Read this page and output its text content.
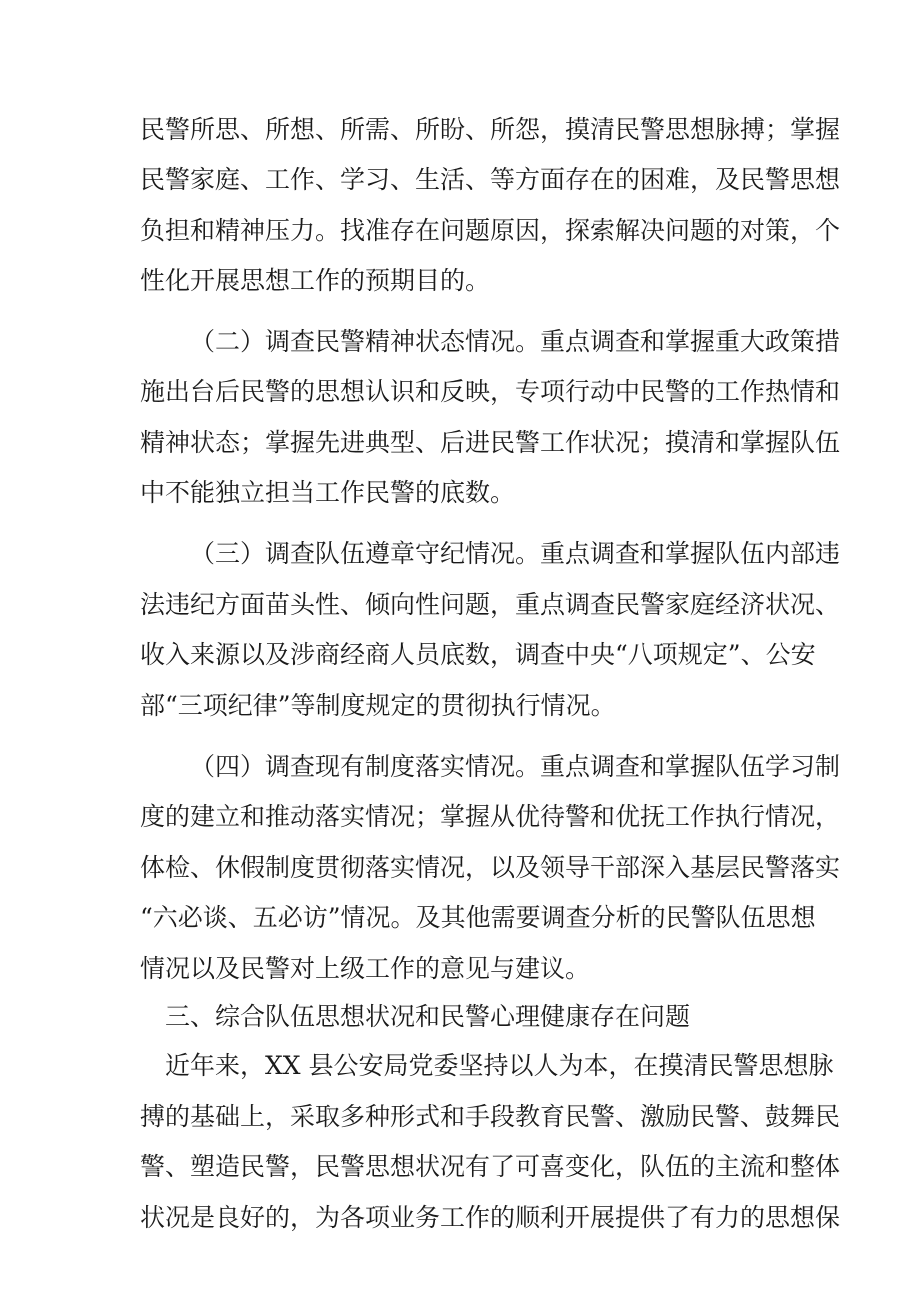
民警所思、所想、所需、所盼、所怨，摸清民警思想脉搏；掌握
民警家庭、工作、学习、生活、等方面存在的困难，及民警思想
负担和精神压力。找准存在问题原因，探索解决问题的对策，个
性化开展思想工作的预期目的。
（二）调查民警精神状态情况。重点调查和掌握重大政策措
施出台后民警的思想认识和反映，专项行动中民警的工作热情和
精神状态；掌握先进典型、后进民警工作状况；摸清和掌握队伍
中不能独立担当工作民警的底数。
（三）调查队伍遵章守纪情况。重点调查和掌握队伍内部违
法违纪方面苗头性、倾向性问题，重点调查民警家庭经济状况、
收入来源以及涉商经商人员底数，调查中央“八项规定”、公安
部“三项纪律”等制度规定的贯彻执行情况。
（四）调查现有制度落实情况。重点调查和掌握队伍学习制
度的建立和推动落实情况；掌握从优待警和优抚工作执行情况，
体检、休假制度贯彻落实情况，以及领导干部深入基层民警落实
“六必谈、五必访”情况。及其他需要调查分析的民警队伍思想
情况以及民警对上级工作的意见与建议。
三、综合队伍思想状况和民警心理健康存在问题
近年来，XX 县公安局党委坚持以人为本，在摸清民警思想脉
搏的基础上，采取多种形式和手段教育民警、激励民警、鼓舞民
警、塑造民警，民警思想状况有了可喜变化，队伍的主流和整体
状况是良好的，为各项业务工作的顺利开展提供了有力的思想保
